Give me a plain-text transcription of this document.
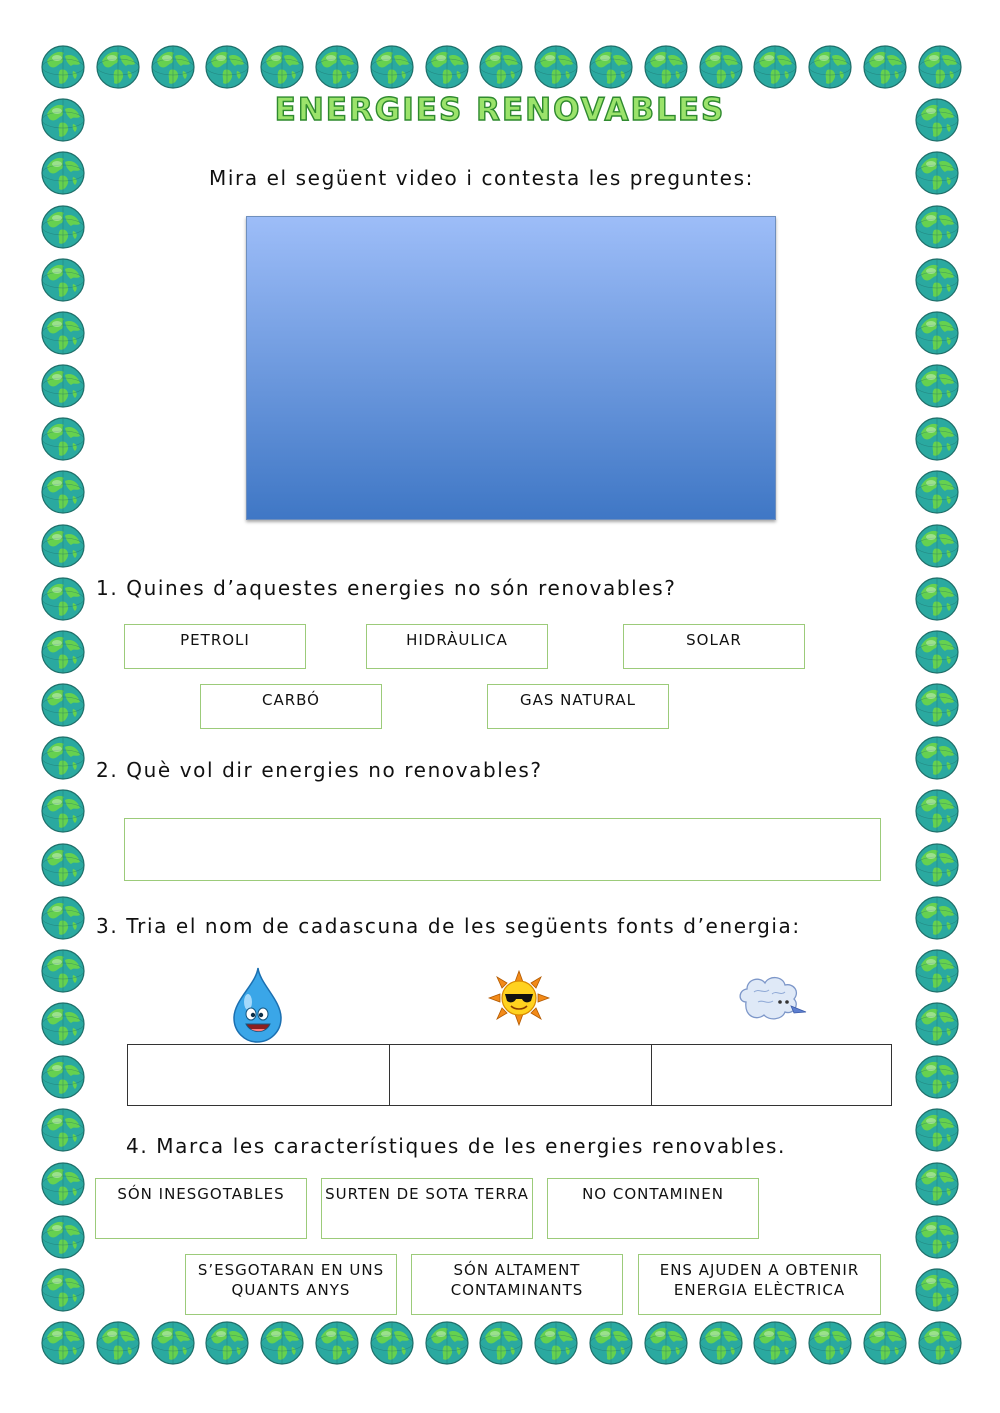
ENERGIES RENOVABLES
Mira el següent video i contesta les preguntes:
1. Quines d’aquestes energies no són renovables?
PETROLI	HIDRÀULICA	SOLAR
CARBÓ	GAS NATURAL
2. Què vol dir energies no renovables?
3. Tria el nom de cadascuna de les següents fonts d’energia:
4. Marca les característiques de les energies renovables.
SÓN INESGOTABLES	SURTEN DE SOTA TERRA	NO CONTAMINEN
S’ESGOTARAN EN UNS QUANTS ANYS
SÓN ALTAMENT CONTAMINANTS
ENS AJUDEN A OBTENIR ENERGIA ELÈCTRICA
